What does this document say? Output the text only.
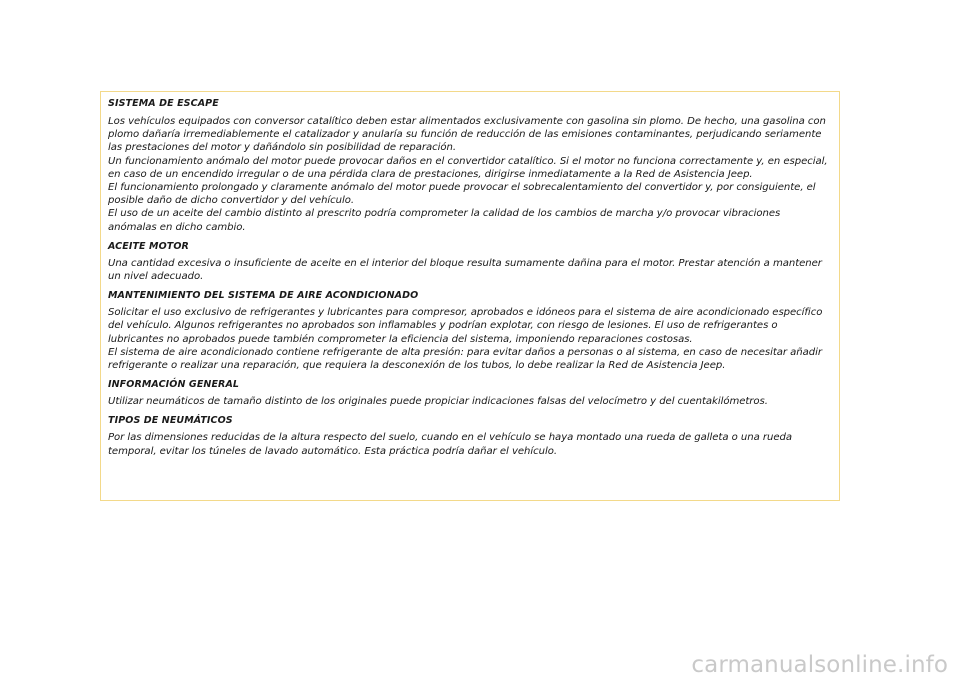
SISTEMA DE ESCAPE

Los vehículos equipados con conversor catalítico deben estar alimentados exclusivamente con gasolina sin plomo. De hecho, una gasolina con plomo dañaría irremediablemente el catalizador y anularía su función de reducción de las emisiones contaminantes, perjudicando seriamente las prestaciones del motor y dañándolo sin posibilidad de reparación.

Un funcionamiento anómalo del motor puede provocar daños en el convertidor catalítico. Si el motor no funciona correctamente y, en especial, en caso de un encendido irregular o de una pérdida clara de prestaciones, dirigirse inmediatamente a la Red de Asistencia Jeep.

El funcionamiento prolongado y claramente anómalo del motor puede provocar el sobrecalentamiento del convertidor y, por consiguiente, el posible daño de dicho convertidor y del vehículo.

El uso de un aceite del cambio distinto al prescrito podría comprometer la calidad de los cambios de marcha y/o provocar vibraciones anómalas en dicho cambio.

ACEITE MOTOR

Una cantidad excesiva o insuficiente de aceite en el interior del bloque resulta sumamente dañina para el motor. Prestar atención a mantener un nivel adecuado.

MANTENIMIENTO DEL SISTEMA DE AIRE ACONDICIONADO

Solicitar el uso exclusivo de refrigerantes y lubricantes para compresor, aprobados e idóneos para el sistema de aire acondicionado específico del vehículo. Algunos refrigerantes no aprobados son inflamables y podrían explotar, con riesgo de lesiones. El uso de refrigerantes o lubricantes no aprobados puede también comprometer la eficiencia del sistema, imponiendo reparaciones costosas.

El sistema de aire acondicionado contiene refrigerante de alta presión: para evitar daños a personas o al sistema, en caso de necesitar añadir refrigerante o realizar una reparación, que requiera la desconexión de los tubos, lo debe realizar la Red de Asistencia Jeep.

INFORMACIÓN GENERAL

Utilizar neumáticos de tamaño distinto de los originales puede propiciar indicaciones falsas del velocímetro y del cuentakilómetros.

TIPOS DE NEUMÁTICOS

Por las dimensiones reducidas de la altura respecto del suelo, cuando en el vehículo se haya montado una rueda de galleta o una rueda temporal, evitar los túneles de lavado automático. Esta práctica podría dañar el vehículo.

carmanualsonline.info
